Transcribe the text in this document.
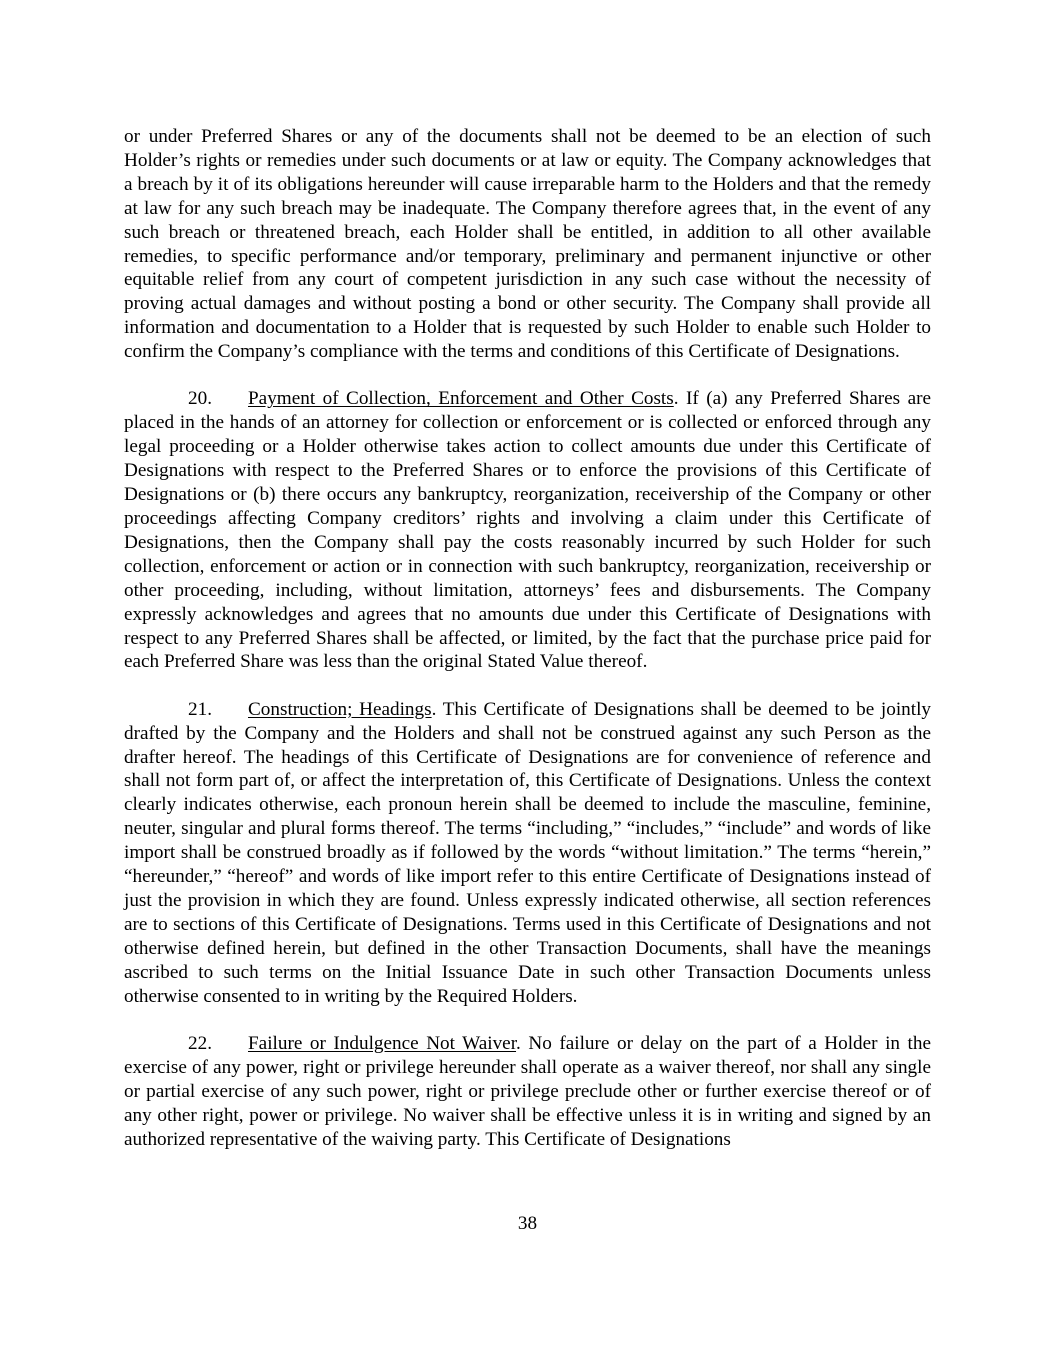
or under Preferred Shares or any of the documents shall not be deemed to be an election of such Holder’s rights or remedies under such documents or at law or equity. The Company acknowledges that a breach by it of its obligations hereunder will cause irreparable harm to the Holders and that the remedy at law for any such breach may be inadequate. The Company therefore agrees that, in the event of any such breach or threatened breach, each Holder shall be entitled, in addition to all other available remedies, to specific performance and/or temporary, preliminary and permanent injunctive or other equitable relief from any court of competent jurisdiction in any such case without the necessity of proving actual damages and without posting a bond or other security. The Company shall provide all information and documentation to a Holder that is requested by such Holder to enable such Holder to confirm the Company’s compliance with the terms and conditions of this Certificate of Designations.

20. Payment of Collection, Enforcement and Other Costs. If (a) any Preferred Shares are placed in the hands of an attorney for collection or enforcement or is collected or enforced through any legal proceeding or a Holder otherwise takes action to collect amounts due under this Certificate of Designations with respect to the Preferred Shares or to enforce the provisions of this Certificate of Designations or (b) there occurs any bankruptcy, reorganization, receivership of the Company or other proceedings affecting Company creditors’ rights and involving a claim under this Certificate of Designations, then the Company shall pay the costs reasonably incurred by such Holder for such collection, enforcement or action or in connection with such bankruptcy, reorganization, receivership or other proceeding, including, without limitation, attorneys’ fees and disbursements. The Company expressly acknowledges and agrees that no amounts due under this Certificate of Designations with respect to any Preferred Shares shall be affected, or limited, by the fact that the purchase price paid for each Preferred Share was less than the original Stated Value thereof.

21. Construction; Headings. This Certificate of Designations shall be deemed to be jointly drafted by the Company and the Holders and shall not be construed against any such Person as the drafter hereof. The headings of this Certificate of Designations are for convenience of reference and shall not form part of, or affect the interpretation of, this Certificate of Designations. Unless the context clearly indicates otherwise, each pronoun herein shall be deemed to include the masculine, feminine, neuter, singular and plural forms thereof. The terms “including,” “includes,” “include” and words of like import shall be construed broadly as if followed by the words “without limitation.” The terms “herein,” “hereunder,” “hereof” and words of like import refer to this entire Certificate of Designations instead of just the provision in which they are found. Unless expressly indicated otherwise, all section references are to sections of this Certificate of Designations. Terms used in this Certificate of Designations and not otherwise defined herein, but defined in the other Transaction Documents, shall have the meanings ascribed to such terms on the Initial Issuance Date in such other Transaction Documents unless otherwise consented to in writing by the Required Holders.

22. Failure or Indulgence Not Waiver. No failure or delay on the part of a Holder in the exercise of any power, right or privilege hereunder shall operate as a waiver thereof, nor shall any single or partial exercise of any such power, right or privilege preclude other or further exercise thereof or of any other right, power or privilege. No waiver shall be effective unless it is in writing and signed by an authorized representative of the waiving party. This Certificate of Designations

38
